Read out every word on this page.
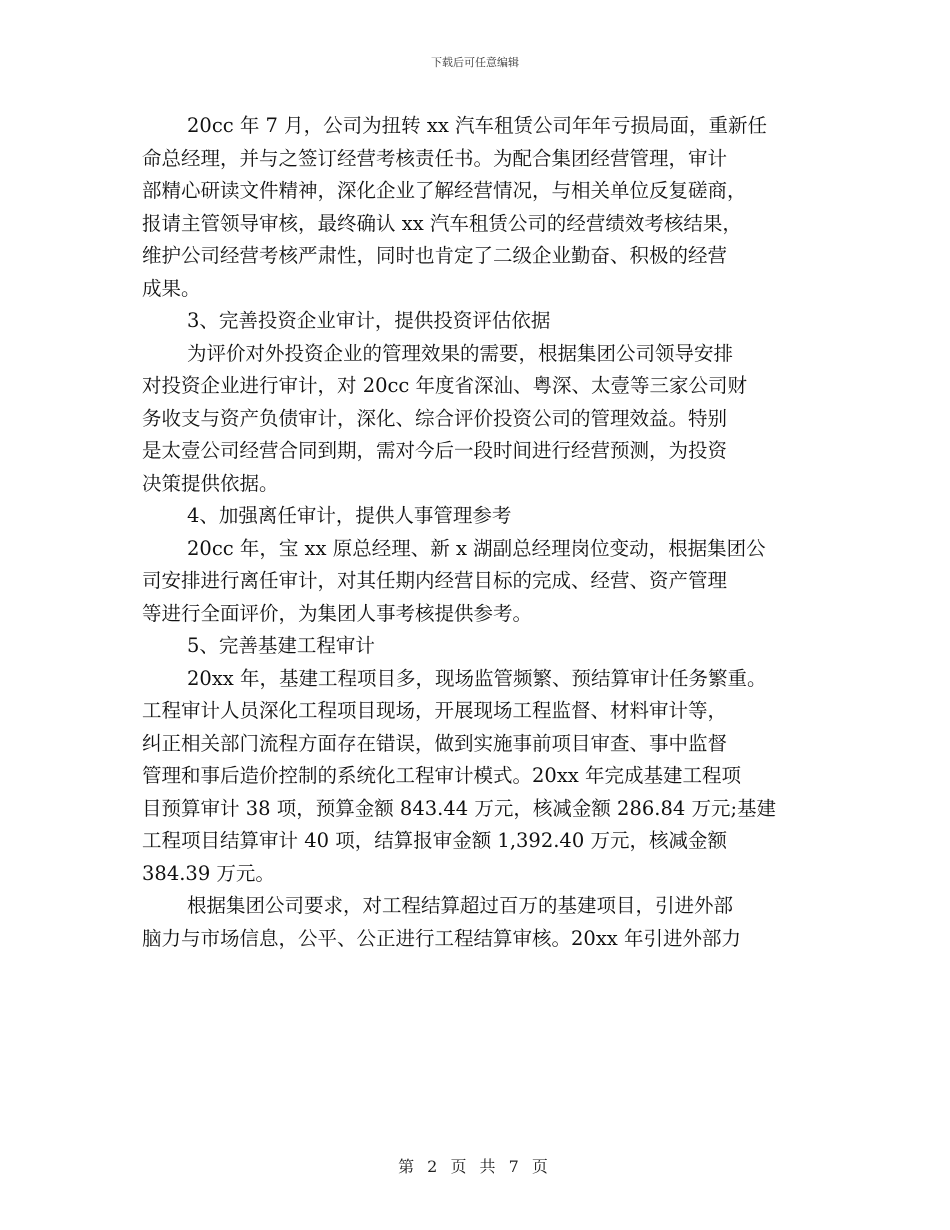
下载后可任意编辑
20cc 年 7 月，公司为扭转 xx 汽车租赁公司年年亏损局面，重新任
命总经理，并与之签订经营考核责任书。为配合集团经营管理，审计
部精心研读文件精神，深化企业了解经营情况，与相关单位反复磋商，
报请主管领导审核，最终确认 xx 汽车租赁公司的经营绩效考核结果，
维护公司经营考核严肃性，同时也肯定了二级企业勤奋、积极的经营
成果。
3、完善投资企业审计，提供投资评估依据
为评价对外投资企业的管理效果的需要，根据集团公司领导安排
对投资企业进行审计，对 20cc 年度省深汕、粤深、太壹等三家公司财
务收支与资产负债审计，深化、综合评价投资公司的管理效益。特别
是太壹公司经营合同到期，需对今后一段时间进行经营预测，为投资
决策提供依据。
4、加强离任审计，提供人事管理参考
20cc 年，宝 xx 原总经理、新 x 湖副总经理岗位变动，根据集团公
司安排进行离任审计，对其任期内经营目标的完成、经营、资产管理
等进行全面评价，为集团人事考核提供参考。
5、完善基建工程审计
20xx 年，基建工程项目多，现场监管频繁、预结算审计任务繁重。
工程审计人员深化工程项目现场，开展现场工程监督、材料审计等，
纠正相关部门流程方面存在错误，做到实施事前项目审查、事中监督
管理和事后造价控制的系统化工程审计模式。20xx 年完成基建工程项
目预算审计 38 项，预算金额 843.44 万元，核减金额 286.84 万元;基建
工程项目结算审计 40 项，结算报审金额 1,392.40 万元，核减金额
384.39 万元。
根据集团公司要求，对工程结算超过百万的基建项目，引进外部
脑力与市场信息，公平、公正进行工程结算审核。20xx 年引进外部力
第 2 页 共 7 页
